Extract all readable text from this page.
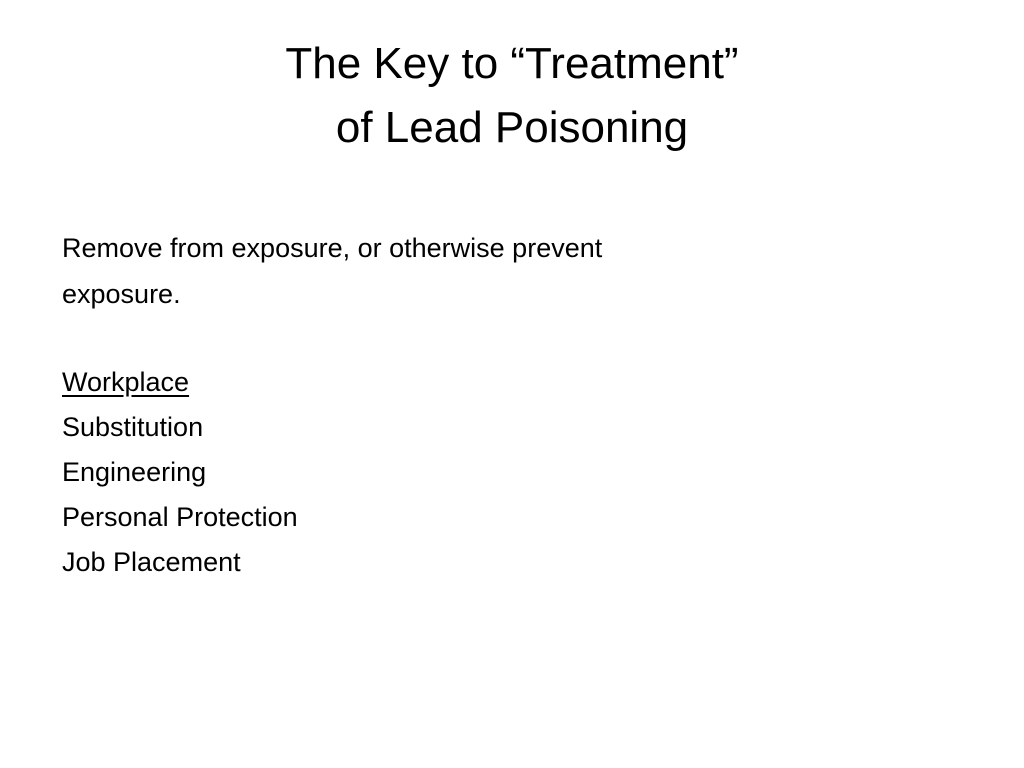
The Key to “Treatment”
of Lead Poisoning
Remove from exposure, or otherwise prevent
exposure.
Workplace
Substitution
Engineering
Personal Protection
Job Placement
